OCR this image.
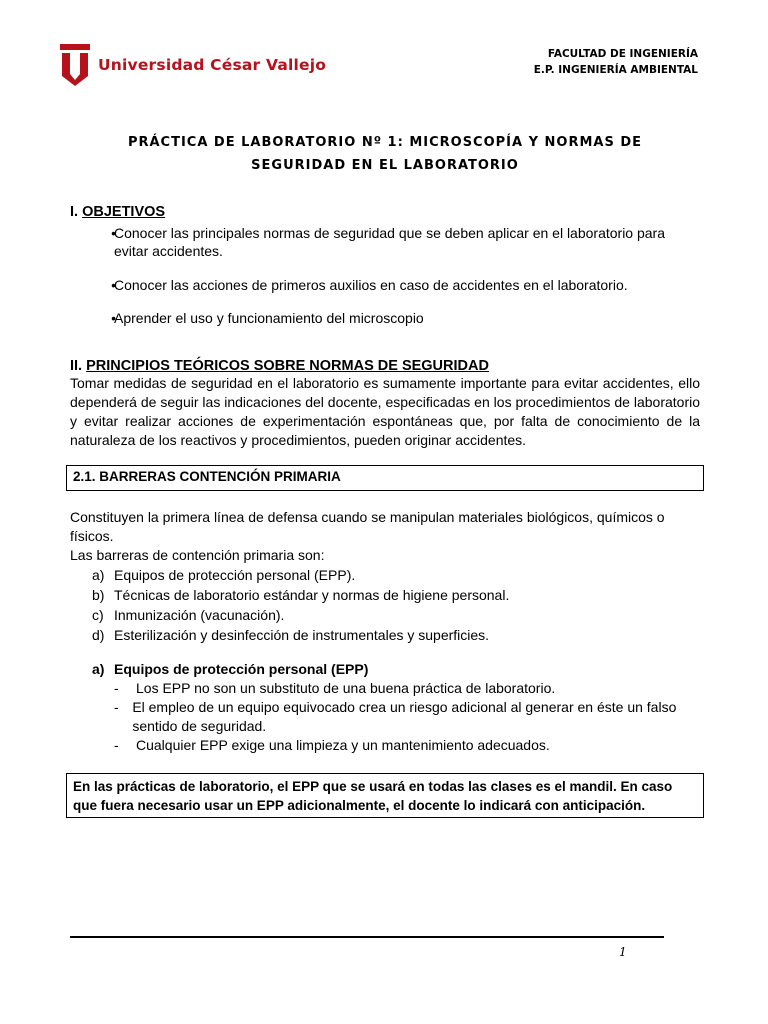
Universidad César Vallejo
FACULTAD DE INGENIERÍA
E.P. INGENIERÍA AMBIENTAL
PRÁCTICA DE LABORATORIO Nº 1: MICROSCOPÍA Y NORMAS DE
SEGURIDAD EN EL LABORATORIO
I. OBJETIVOS
• Conocer las principales normas de seguridad que se deben aplicar en el laboratorio para evitar accidentes.
• Conocer las acciones de primeros auxilios en caso de accidentes en el laboratorio.
• Aprender el uso y funcionamiento del microscopio
II. PRINCIPIOS TEÓRICOS SOBRE NORMAS DE SEGURIDAD
Tomar medidas de seguridad en el laboratorio es sumamente importante para evitar accidentes, ello dependerá de seguir las indicaciones del docente, especificadas en los procedimientos de laboratorio y evitar realizar acciones de experimentación espontáneas que, por falta de conocimiento de la naturaleza de los reactivos y procedimientos, pueden originar accidentes.
2.1. BARRERAS CONTENCIÓN PRIMARIA
Constituyen la primera línea de defensa cuando se manipulan materiales biológicos, químicos o físicos.
Las barreras de contención primaria son:
a) Equipos de protección personal (EPP).
b) Técnicas de laboratorio estándar y normas de higiene personal.
c) Inmunización (vacunación).
d) Esterilización y desinfección de instrumentales y superficies.
a) Equipos de protección personal (EPP)
-	Los EPP no son un substituto de una buena práctica de laboratorio.
- El empleo de un equipo equivocado crea un riesgo adicional al generar en éste un falso sentido de seguridad.
-	Cualquier EPP exige una limpieza y un mantenimiento adecuados.
En las prácticas de laboratorio, el EPP que se usará en todas las clases es el mandil. En caso que fuera necesario usar un EPP adicionalmente, el docente lo indicará con anticipación.
1
